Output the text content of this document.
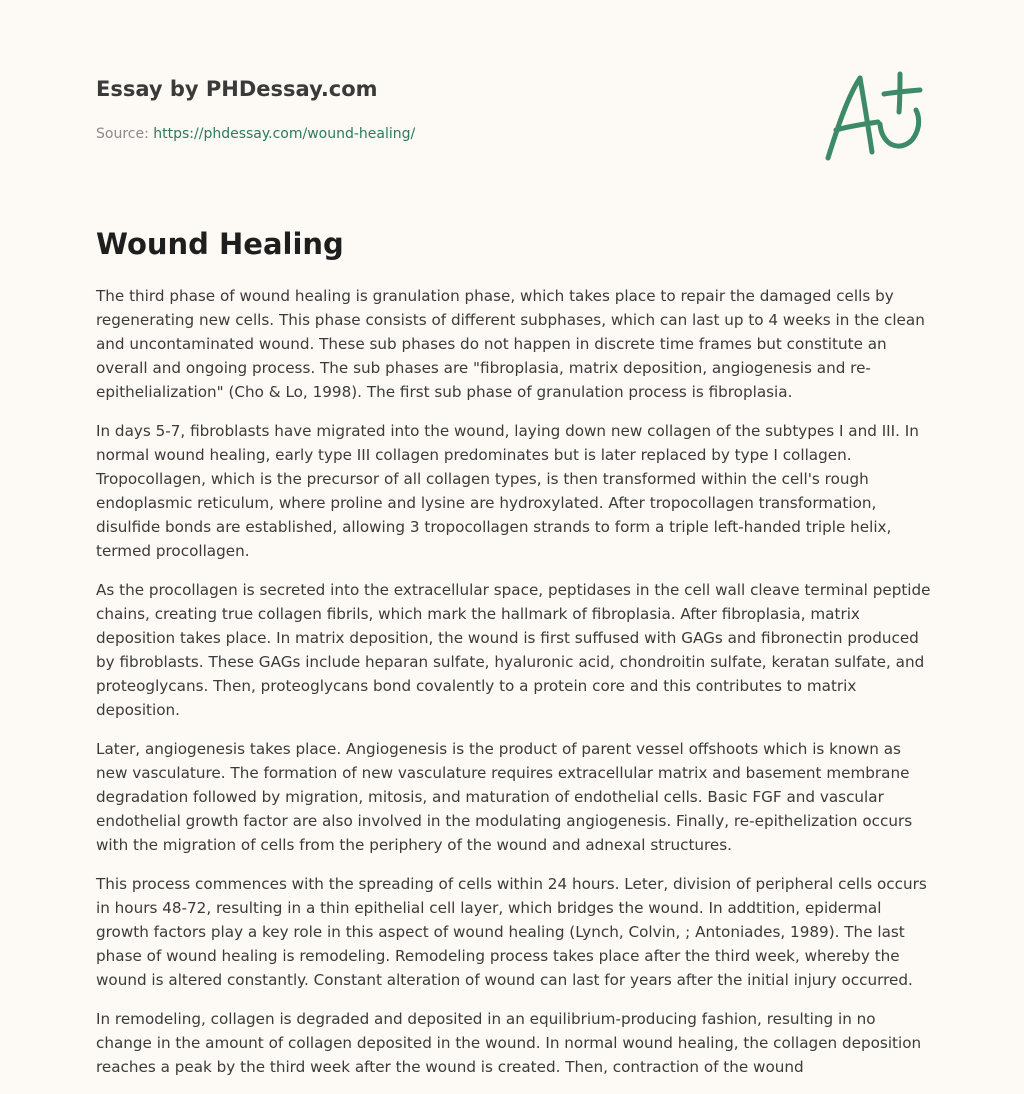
Essay by PHDessay.com
Source: https://phdessay.com/wound-healing/
Wound Healing

The third phase of wound healing is granulation phase, which takes place to repair the damaged cells by regenerating new cells. This phase consists of different subphases, which can last up to 4 weeks in the clean and uncontaminated wound. These sub phases do not happen in discrete time frames but constitute an overall and ongoing process. The sub phases are "fibroplasia, matrix deposition, angiogenesis and re-epithelialization" (Cho & Lo, 1998). The first sub phase of granulation process is fibroplasia.

In days 5-7, fibroblasts have migrated into the wound, laying down new collagen of the subtypes I and III. In normal wound healing, early type III collagen predominates but is later replaced by type I collagen. Tropocollagen, which is the precursor of all collagen types, is then transformed within the cell's rough endoplasmic reticulum, where proline and lysine are hydroxylated. After tropocollagen transformation, disulfide bonds are established, allowing 3 tropocollagen strands to form a triple left-handed triple helix, termed procollagen.

As the procollagen is secreted into the extracellular space, peptidases in the cell wall cleave terminal peptide chains, creating true collagen fibrils, which mark the hallmark of fibroplasia. After fibroplasia, matrix deposition takes place. In matrix deposition, the wound is first suffused with GAGs and fibronectin produced by fibroblasts. These GAGs include heparan sulfate, hyaluronic acid, chondroitin sulfate, keratan sulfate, and proteoglycans. Then, proteoglycans bond covalently to a protein core and this contributes to matrix deposition.

Later, angiogenesis takes place. Angiogenesis is the product of parent vessel offshoots which is known as new vasculature. The formation of new vasculature requires extracellular matrix and basement membrane degradation followed by migration, mitosis, and maturation of endothelial cells. Basic FGF and vascular endothelial growth factor are also involved in the modulating angiogenesis. Finally, re-epithelization occurs with the migration of cells from the periphery of the wound and adnexal structures.

This process commences with the spreading of cells within 24 hours. Leter, division of peripheral cells occurs in hours 48-72, resulting in a thin epithelial cell layer, which bridges the wound. In addtition, epidermal growth factors play a key role in this aspect of wound healing (Lynch, Colvin, ; Antoniades, 1989). The last phase of wound healing is remodeling. Remodeling process takes place after the third week, whereby the wound is altered constantly. Constant alteration of wound can last for years after the initial injury occurred.

In remodeling, collagen is degraded and deposited in an equilibrium-producing fashion, resulting in no change in the amount of collagen deposited in the wound. In normal wound healing, the collagen deposition reaches a peak by the third week after the wound is created. Then, contraction of the wound
